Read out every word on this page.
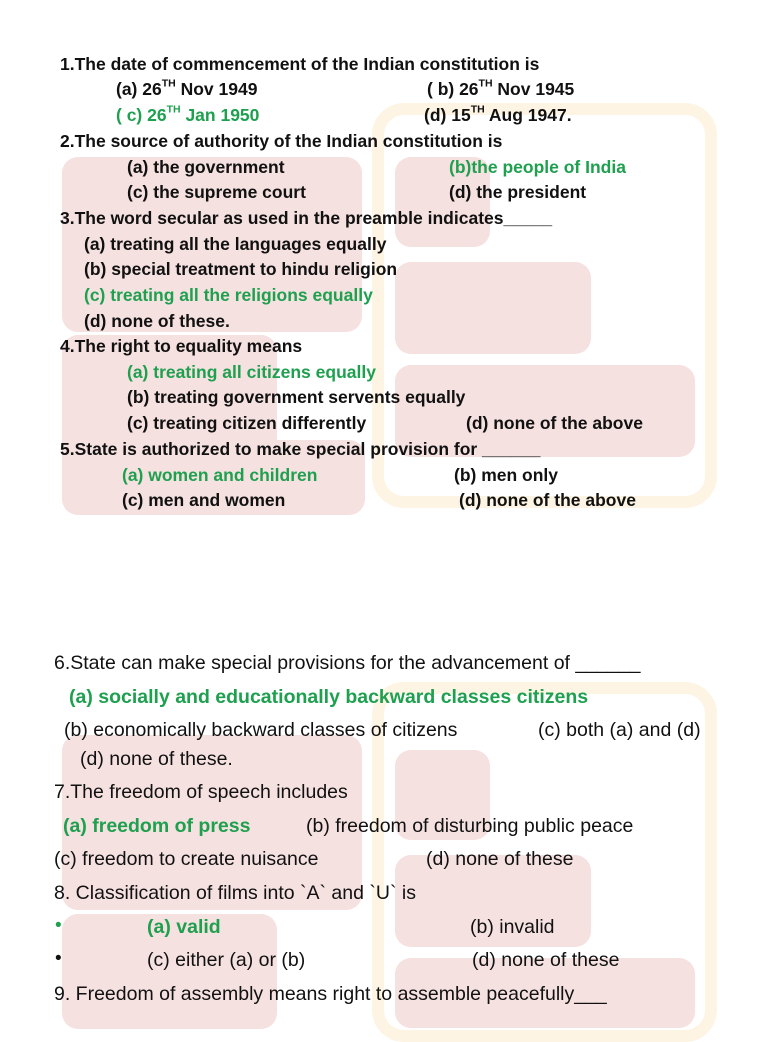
1.The date of commencement of the Indian constitution is
(a) 26TH Nov 1949	( b) 26TH Nov 1945
( c) 26TH Jan 1950	(d) 15TH Aug 1947.
2.The source of authority of the Indian constitution is
(a) the government	(b)the people of India
(c) the supreme court	(d) the president
3.The word secular as used in the preamble indicates_____
(a) treating all the languages equally
(b) special treatment to hindu religion
(c) treating all the religions equally
(d) none of these.
4.The right to equality means
(a) treating all citizens equally
(b) treating government servents equally
(c) treating citizen differently	(d) none of the above
5.State is authorized to make special provision for ______
(a) women and children	(b) men only
(c) men and women	(d) none of the above
6.State can make special provisions for the advancement of ______
(a) socially and educationally backward classes citizens
(b) economically backward classes of citizens	(c) both (a) and (d)
(d) none of these.
7.The freedom of speech includes
(a) freedom of press	(b) freedom of disturbing public peace
(c) freedom to create nuisance	(d) none of these
8. Classification of films into `A` and `U` is
•	(a) valid	(b) invalid
•	(c) either (a) or (b)	(d) none of these
9. Freedom of assembly means right to assemble peacefully___
